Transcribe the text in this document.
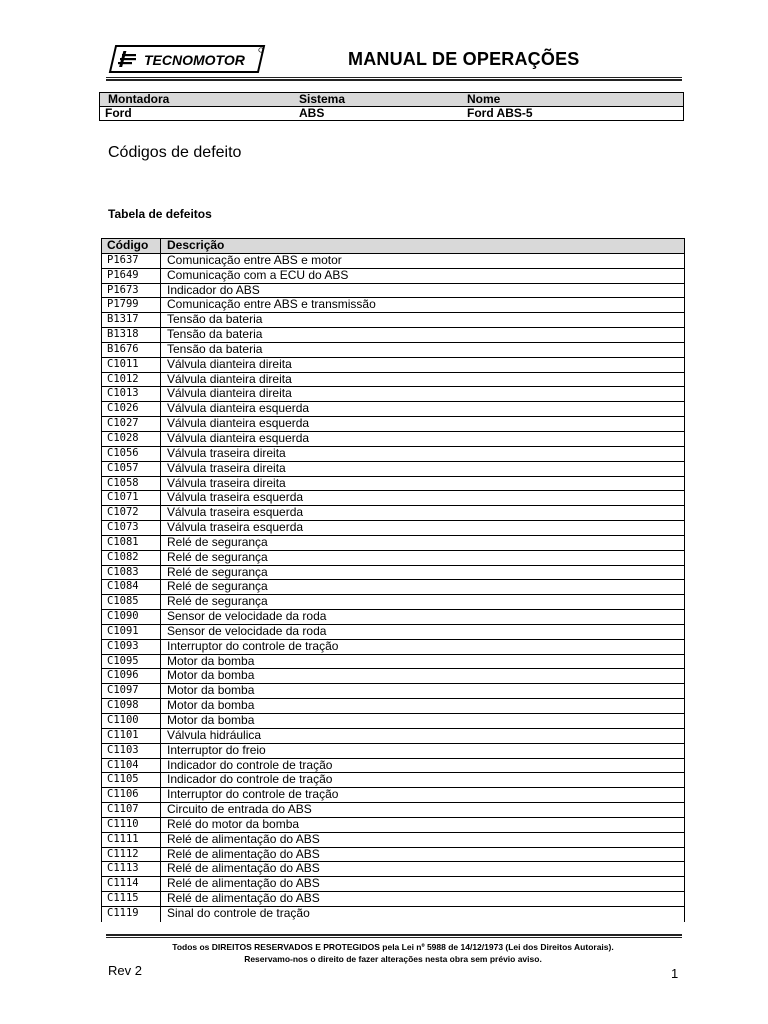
TECNOMOTOR	MANUAL DE OPERAÇÕES
Montadora	Sistema	Nome
Ford	ABS	Ford ABS-5
Códigos de defeito
Tabela de defeitos
Código	Descrição
P1637	Comunicação entre ABS e motor
P1649	Comunicação com a ECU do ABS
P1673	Indicador do ABS
P1799	Comunicação entre ABS e transmissão
B1317	Tensão da bateria
B1318	Tensão da bateria
B1676	Tensão da bateria
C1011	Válvula dianteira direita
C1012	Válvula dianteira direita
C1013	Válvula dianteira direita
C1026	Válvula dianteira esquerda
C1027	Válvula dianteira esquerda
C1028	Válvula dianteira esquerda
C1056	Válvula traseira direita
C1057	Válvula traseira direita
C1058	Válvula traseira direita
C1071	Válvula traseira esquerda
C1072	Válvula traseira esquerda
C1073	Válvula traseira esquerda
C1081	Relé de segurança
C1082	Relé de segurança
C1083	Relé de segurança
C1084	Relé de segurança
C1085	Relé de segurança
C1090	Sensor de velocidade da roda
C1091	Sensor de velocidade da roda
C1093	Interruptor do controle de tração
C1095	Motor da bomba
C1096	Motor da bomba
C1097	Motor da bomba
C1098	Motor da bomba
C1100	Motor da bomba
C1101	Válvula hidráulica
C1103	Interruptor do freio
C1104	Indicador do controle de tração
C1105	Indicador do controle de tração
C1106	Interruptor do controle de tração
C1107	Circuito de entrada do ABS
C1110	Relé do motor da bomba
C1111	Relé de alimentação do ABS
C1112	Relé de alimentação do ABS
C1113	Relé de alimentação do ABS
C1114	Relé de alimentação do ABS
C1115	Relé de alimentação do ABS
C1119	Sinal do controle de tração
Todos os DIREITOS RESERVADOS E PROTEGIDOS pela Lei nº 5988 de 14/12/1973 (Lei dos Direitos Autorais).
Reservamo-nos o direito de fazer alterações nesta obra sem prévio aviso.
Rev 2	1
